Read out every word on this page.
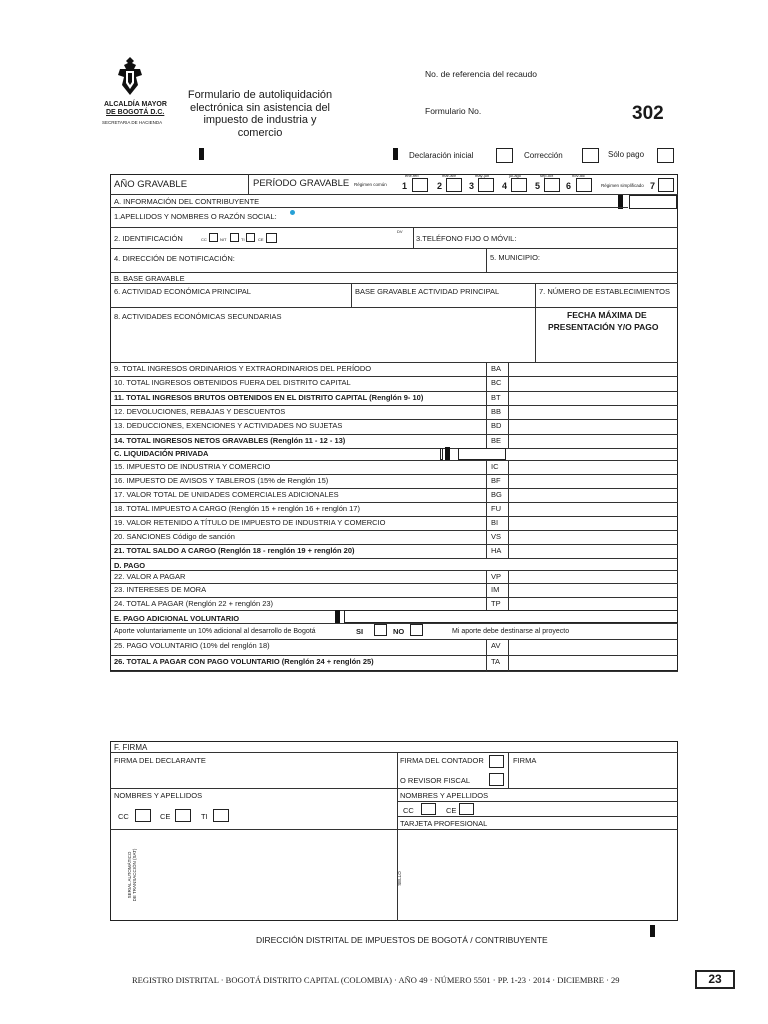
ALCALDÍA MAYOR
DE BOGOTÁ D.C.
SECRETARIA DE HACIENDA
Formulario de autoliquidación
electrónica sin asistencia del
impuesto de industria y
comercio
No. de referencia del recaudo
Formulario No.	302
Declaración inicial	Corrección	Sólo pago
AÑO GRAVABLE	PERÍODO GRAVABLE Régimen común
ene-feb
1
mar-abr
2
may-jun
3
jul-ago
4
sep-oct
5
nov-dic
6	Régimen simplificado 7
A. INFORMACIÓN DEL CONTRIBUYENTE
1.APELLIDOS Y NOMBRES O RAZÓN SOCIAL:
2. IDENTIFICACIÓN	CC	NIT	TI	CE
DV
3.TELÉFONO FIJO O MÓVIL:
4. DIRECCIÓN DE NOTIFICACIÓN:	5. MUNICIPIO:
B. BASE GRAVABLE
6. ACTIVIDAD ECONÓMICA PRINCIPAL	BASE GRAVABLE ACTIVIDAD PRINCIPAL	7. NÚMERO DE ESTABLECIMIENTOS
8. ACTIVIDADES ECONÓMICAS SECUNDARIAS	FECHA MÁXIMA DE
PRESENTACIÓN Y/O PAGO
9. TOTAL INGRESOS ORDINARIOS Y EXTRAORDINARIOS DEL PERÍODO	BA
10. TOTAL INGRESOS OBTENIDOS FUERA DEL DISTRITO CAPITAL	BC
11. TOTAL INGRESOS BRUTOS OBTENIDOS EN EL DISTRITO CAPITAL (Renglón 9- 10)	BT
12. DEVOLUCIONES, REBAJAS Y DESCUENTOS	BB
13. DEDUCCIONES, EXENCIONES Y ACTIVIDADES NO SUJETAS	BD
14. TOTAL INGRESOS NETOS GRAVABLES (Renglón 11 - 12 - 13)	BE
C. LIQUIDACIÓN PRIVADA
15. IMPUESTO DE INDUSTRIA Y COMERCIO	IC
16. IMPUESTO DE AVISOS Y TABLEROS (15% de Renglón 15)	BF
17. VALOR TOTAL DE UNIDADES COMERCIALES ADICIONALES	BG
18. TOTAL IMPUESTO A CARGO (Renglón 15 + renglón 16 + renglón 17)	FU
19. VALOR RETENIDO A TÍTULO DE IMPUESTO DE INDUSTRIA Y COMERCIO	BI
20. SANCIONES Código de sanción	VS
21. TOTAL SALDO A CARGO (Renglón 18 - renglón 19 + renglón 20)	HA
D. PAGO
22. VALOR A PAGAR	VP
23. INTERESES DE MORA	IM
24. TOTAL A PAGAR (Renglón 22 + renglón 23)	TP
E. PAGO ADICIONAL VOLUNTARIO
Aporte voluntariamente un 10% adicional al desarrollo de Bogotá	SI	NO	Mi aporte debe destinarse al proyecto
25. PAGO VOLUNTARIO (10% del renglón 18)	AV
26. TOTAL A PAGAR CON PAGO VOLUNTARIO (Renglón 24 + renglón 25)	TA
F. FIRMA
FIRMA DEL DECLARANTE	FIRMA DEL CONTADOR	FIRMA
O REVISOR FISCAL
NOMBRES Y APELLIDOS	NOMBRES Y APELLIDOS
CC	CE	TI
CC	CE
TARJETA PROFESIONAL
SERIAL AUTOMÁTICO DE TRANSACCIÓN (SAT)	SELLO
DIRECCIÓN DISTRITAL DE IMPUESTOS DE BOGOTÁ / CONTRIBUYENTE
REGISTRO DISTRITAL · BOGOTÁ DISTRITO CAPITAL (COLOMBIA) · AÑO 49 · NÚMERO 5501 · PP. 1-23 · 2014 · DICIEMBRE · 29	23
